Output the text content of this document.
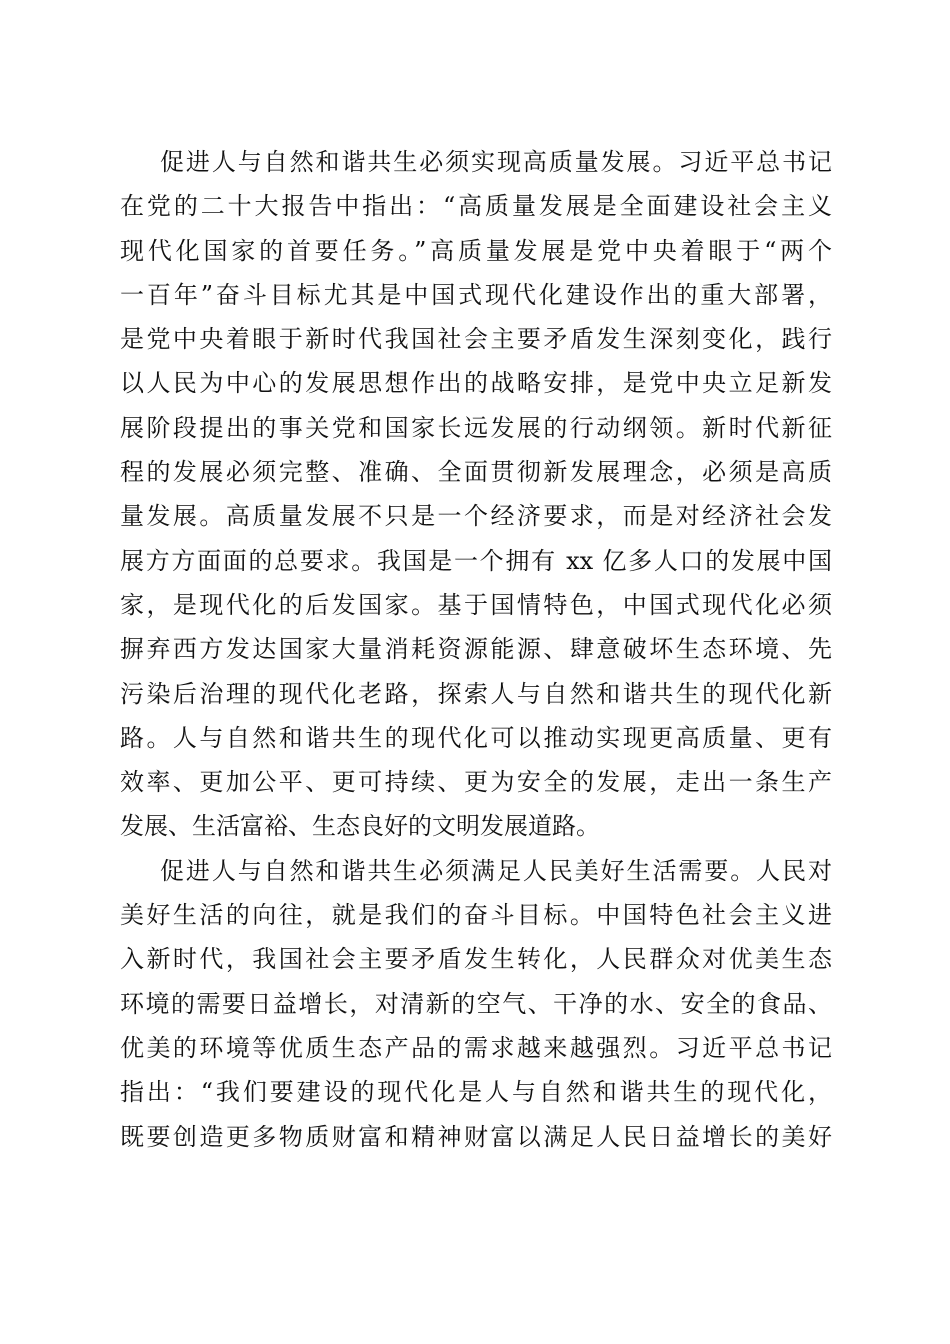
促进人与自然和谐共生必须实现高质量发展。习近平总书记
在党的二十大报告中指出：“高质量发展是全面建设社会主义
现代化国家的首要任务。”高质量发展是党中央着眼于“两个
一百年”奋斗目标尤其是中国式现代化建设作出的重大部署，
是党中央着眼于新时代我国社会主要矛盾发生深刻变化，践行
以人民为中心的发展思想作出的战略安排，是党中央立足新发
展阶段提出的事关党和国家长远发展的行动纲领。新时代新征
程的发展必须完整、准确、全面贯彻新发展理念，必须是高质
量发展。高质量发展不只是一个经济要求，而是对经济社会发
展方方面面的总要求。我国是一个拥有 xx 亿多人口的发展中国
家，是现代化的后发国家。基于国情特色，中国式现代化必须
摒弃西方发达国家大量消耗资源能源、肆意破坏生态环境、先
污染后治理的现代化老路，探索人与自然和谐共生的现代化新
路。人与自然和谐共生的现代化可以推动实现更高质量、更有
效率、更加公平、更可持续、更为安全的发展，走出一条生产
发展、生活富裕、生态良好的文明发展道路。
促进人与自然和谐共生必须满足人民美好生活需要。人民对
美好生活的向往，就是我们的奋斗目标。中国特色社会主义进
入新时代，我国社会主要矛盾发生转化，人民群众对优美生态
环境的需要日益增长，对清新的空气、干净的水、安全的食品、
优美的环境等优质生态产品的需求越来越强烈。习近平总书记
指出：“我们要建设的现代化是人与自然和谐共生的现代化，
既要创造更多物质财富和精神财富以满足人民日益增长的美好
